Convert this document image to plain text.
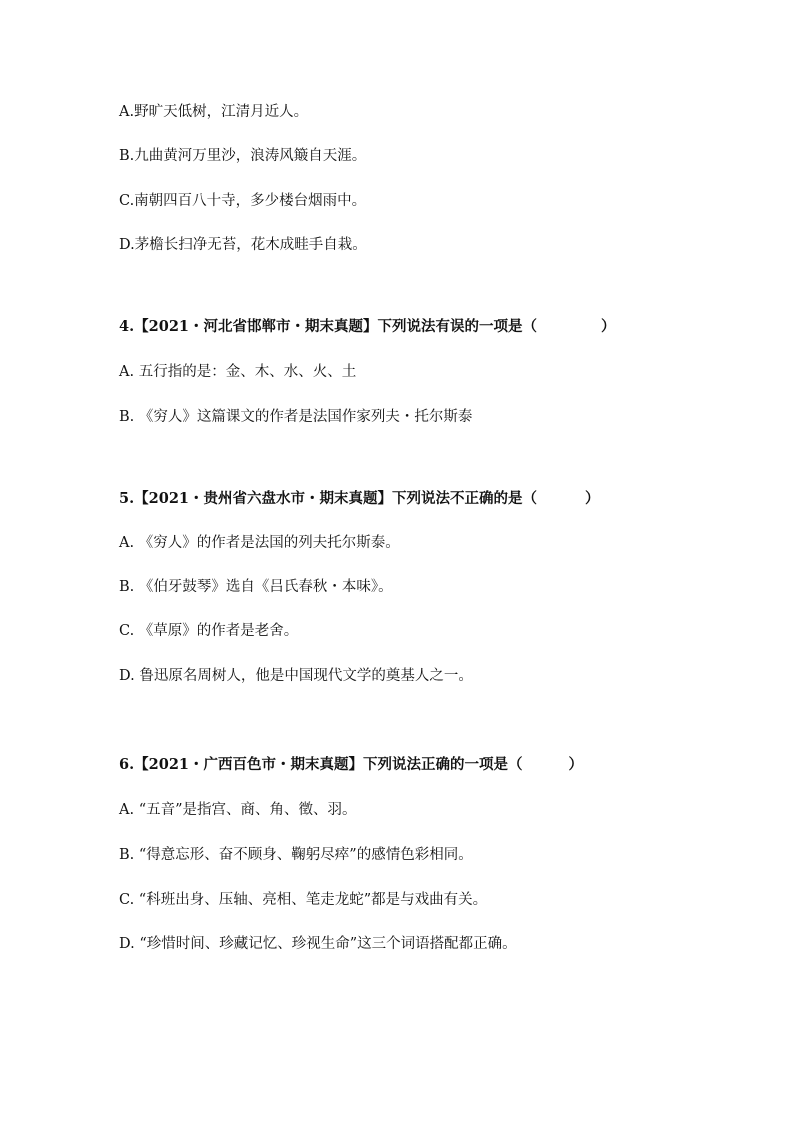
A.野旷天低树，江清月近人。
B.九曲黄河万里沙，浪涛风簸自天涯。
C.南朝四百八十寺，多少楼台烟雨中。
D.茅檐长扫净无苔，花木成畦手自栽。
4.【2021・河北省邯郸市・期末真题】下列说法有误的一项是（	）
A. 五行指的是：金、木、水、火、土
B. 《穷人》这篇课文的作者是法国作家列夫・托尔斯泰
5.【2021・贵州省六盘水市・期末真题】下列说法不正确的是（	）
A. 《穷人》的作者是法国的列夫托尔斯泰。
B. 《伯牙鼓琴》选自《吕氏春秋・本味》。
C. 《草原》的作者是老舍。
D. 鲁迅原名周树人，他是中国现代文学的奠基人之一。
6.【2021・广西百色市・期末真题】下列说法正确的一项是（	）
A. “五音”是指宫、商、角、徵、羽。
B. “得意忘形、奋不顾身、鞠躬尽瘁”的感情色彩相同。
C. “科班出身、压轴、亮相、笔走龙蛇”都是与戏曲有关。
D. “珍惜时间、珍藏记忆、珍视生命”这三个词语搭配都正确。
